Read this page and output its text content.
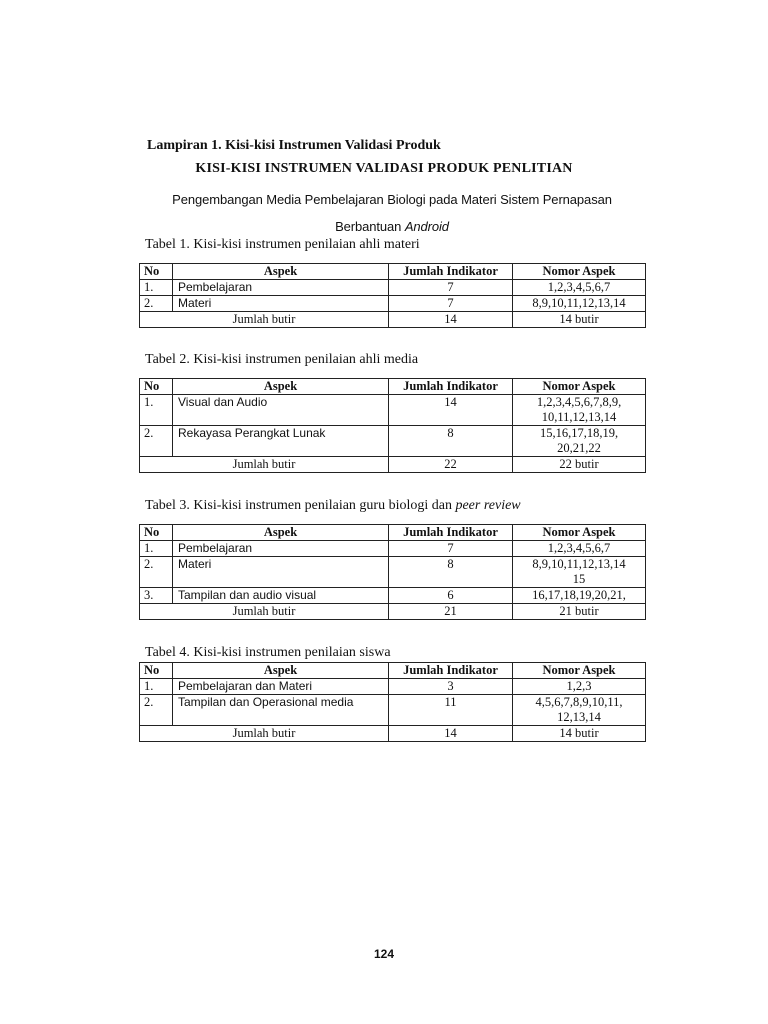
Lampiran 1. Kisi-kisi Instrumen Validasi Produk

KISI-KISI INSTRUMEN VALIDASI PRODUK PENLITIAN

Pengembangan Media Pembelajaran Biologi pada Materi Sistem Pernapasan Berbantuan Android

Tabel 1. Kisi-kisi instrumen penilaian ahli materi

No	Aspek	Jumlah Indikator	Nomor Aspek
1.	Pembelajaran	7	1,2,3,4,5,6,7
2.	Materi	7	8,9,10,11,12,13,14
Jumlah butir		14	14 butir

Tabel 2. Kisi-kisi instrumen penilaian ahli media

No	Aspek	Jumlah Indikator	Nomor Aspek
1.	Visual dan Audio	14	1,2,3,4,5,6,7,8,9,
10,11,12,13,14
2.	Rekayasa Perangkat Lunak	8	15,16,17,18,19,
20,21,22
Jumlah butir		22	22 butir

Tabel 3. Kisi-kisi instrumen penilaian guru biologi dan peer review

No	Aspek	Jumlah Indikator	Nomor Aspek
1.	Pembelajaran	7	1,2,3,4,5,6,7
2.	Materi	8	8,9,10,11,12,13,14
15
3.	Tampilan dan audio visual	6	16,17,18,19,20,21,
Jumlah butir		21	21 butir

Tabel 4. Kisi-kisi instrumen penilaian siswa

No	Aspek	Jumlah Indikator	Nomor Aspek
1.	Pembelajaran dan Materi	3	1,2,3
2.	Tampilan dan Operasional media	11	4,5,6,7,8,9,10,11,
12,13,14
Jumlah butir		14	14 butir

124
